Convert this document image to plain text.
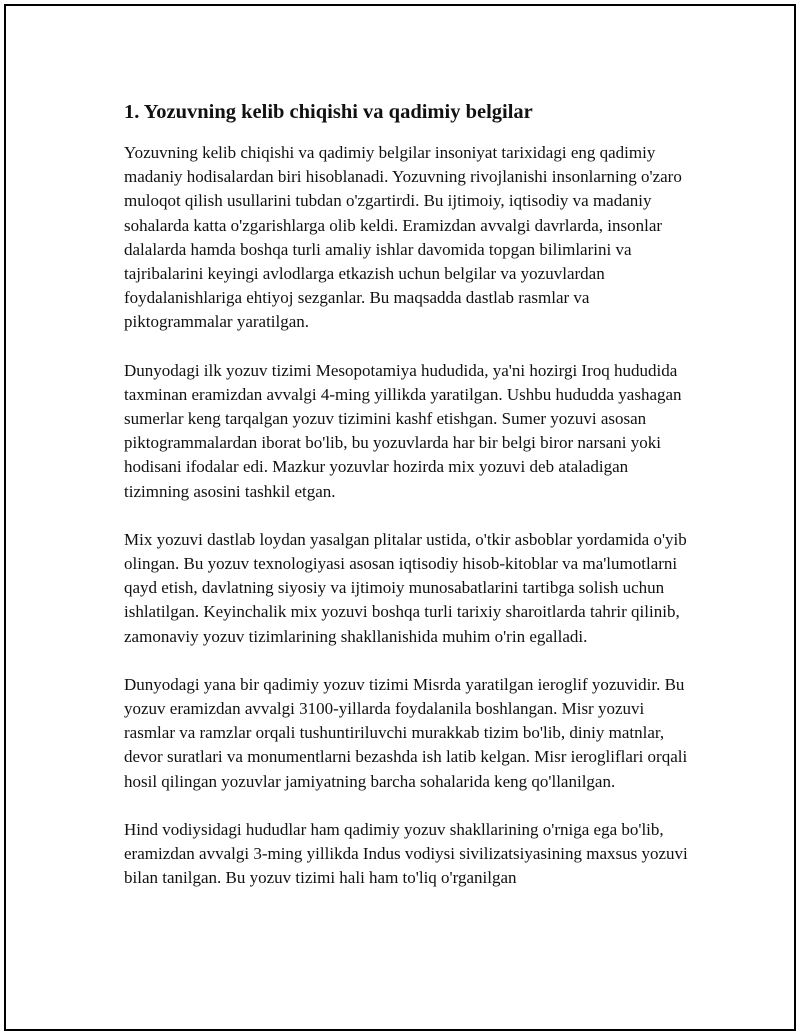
1. Yozuvning kelib chiqishi va qadimiy belgilar

Yozuvning kelib chiqishi va qadimiy belgilar insoniyat tarixidagi eng qadimiy madaniy hodisalardan biri hisoblanadi. Yozuvning rivojlanishi insonlarning o'zaro muloqot qilish usullarini tubdan o'zgartirdi. Bu ijtimoiy, iqtisodiy va madaniy sohalarda katta o'zgarishlarga olib keldi. Eramizdan avvalgi davrlarda, insonlar dalalarda hamda boshqa turli amaliy ishlar davomida topgan bilimlarini va tajribalarini keyingi avlodlarga etkazish uchun belgilar va yozuvlardan foydalanishlariga ehtiyoj sezganlar. Bu maqsadda dastlab rasmlar va piktogrammalar yaratilgan.

Dunyodagi ilk yozuv tizimi Mesopotamiya hududida, ya'ni hozirgi Iroq hududida taxminan eramizdan avvalgi 4-ming yillikda yaratilgan. Ushbu hududda yashagan sumerlar keng tarqalgan yozuv tizimini kashf etishgan. Sumer yozuvi asosan piktogrammalardan iborat bo'lib, bu yozuvlarda har bir belgi biror narsani yoki hodisani ifodalar edi. Mazkur yozuvlar hozirda mix yozuvi deb ataladigan tizimning asosini tashkil etgan.

Mix yozuvi dastlab loydan yasalgan plitalar ustida, o'tkir asboblar yordamida o'yib olingan. Bu yozuv texnologiyasi asosan iqtisodiy hisob-kitoblar va ma'lumotlarni qayd etish, davlatning siyosiy va ijtimoiy munosabatlarini tartibga solish uchun ishlatilgan. Keyinchalik mix yozuvi boshqa turli tarixiy sharoitlarda tahrir qilinib, zamonaviy yozuv tizimlarining shakllanishida muhim o'rin egalladi.

Dunyodagi yana bir qadimiy yozuv tizimi Misrda yaratilgan ieroglif yozuvidir. Bu yozuv eramizdan avvalgi 3100-yillarda foydalanila boshlangan. Misr yozuvi rasmlar va ramzlar orqali tushuntiriluvchi murakkab tizim bo'lib, diniy matnlar, devor suratlari va monumentlarni bezashda ish latib kelgan. Misr ierogliflari orqali hosil qilingan yozuvlar jamiyatning barcha sohalarida keng qo'llanilgan.

Hind vodiysidagi hududlar ham qadimiy yozuv shakllarining o'rniga ega bo'lib, eramizdan avvalgi 3-ming yillikda Indus vodiysi sivilizatsiyasining maxsus yozuvi bilan tanilgan. Bu yozuv tizimi hali ham to'liq o'rganilgan
